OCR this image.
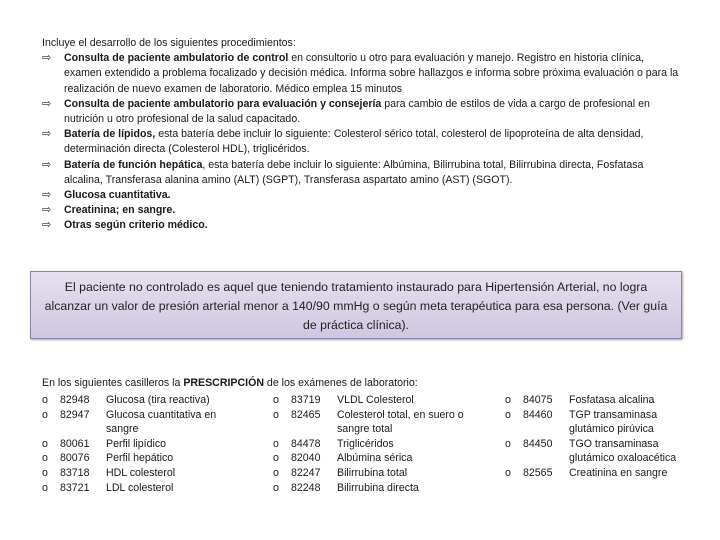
Incluye el desarrollo de los siguientes procedimientos:

⇨ Consulta de paciente ambulatorio de control en consultorio u otro para evaluación y manejo. Registro en historia clínica, examen extendido a problema focalizado y decisión médica. Informa sobre hallazgos e informa sobre próxima evaluación o para la realización de nuevo examen de laboratorio. Médico emplea 15 minutos
⇨ Consulta de paciente ambulatorio para evaluación y consejería para cambio de estilos de vida a cargo de profesional en nutrición u otro profesional de la salud capacitado.
⇨ Batería de lípidos, esta batería debe incluir lo siguiente: Colesterol sérico total, colesterol de lipoproteína de alta densidad, determinación directa (Colesterol HDL), triglicéridos.
⇨ Batería de función hepática, esta batería debe incluir lo siguiente: Albúmina, Bilirrubina total, Bilirrubina directa, Fosfatasa alcalina, Transferasa alanina amino (ALT) (SGPT), Transferasa aspartato amino (AST) (SGOT).
⇨ Glucosa cuantitativa.
⇨ Creatinina; en sangre.
⇨ Otras según criterio médico.
El paciente no controlado es aquel que teniendo tratamiento instaurado para Hipertensión Arterial, no logra alcanzar un valor de presión arterial menor a 140/90 mmHg o según meta terapéutica para esa persona. (Ver guía de práctica clínica).

En los siguientes casilleros la PRESCRIPCIÓN de los exámenes de laboratorio:

o 82948 Glucosa (tira reactiva)
o 82947 Glucosa cuantitativa en sangre
o 80061 Perfil lipídico
o 80076 Perfil hepático
o 83718 HDL colesterol
o 83721 LDL colesterol
o 83719 VLDL Colesterol
o 82465 Colesterol total, en suero o sangre total
o 84478 Triglicéridos
o 82040 Albúmina sérica
o 82247 Bilirrubina total
o 82248 Bilirrubina directa
o 84075 Fosfatasa alcalina
o 84460 TGP transaminasa glutámico pirúvica
o 84450 TGO transaminasa glutámico oxaloacética
o 82565 Creatinina en sangre
